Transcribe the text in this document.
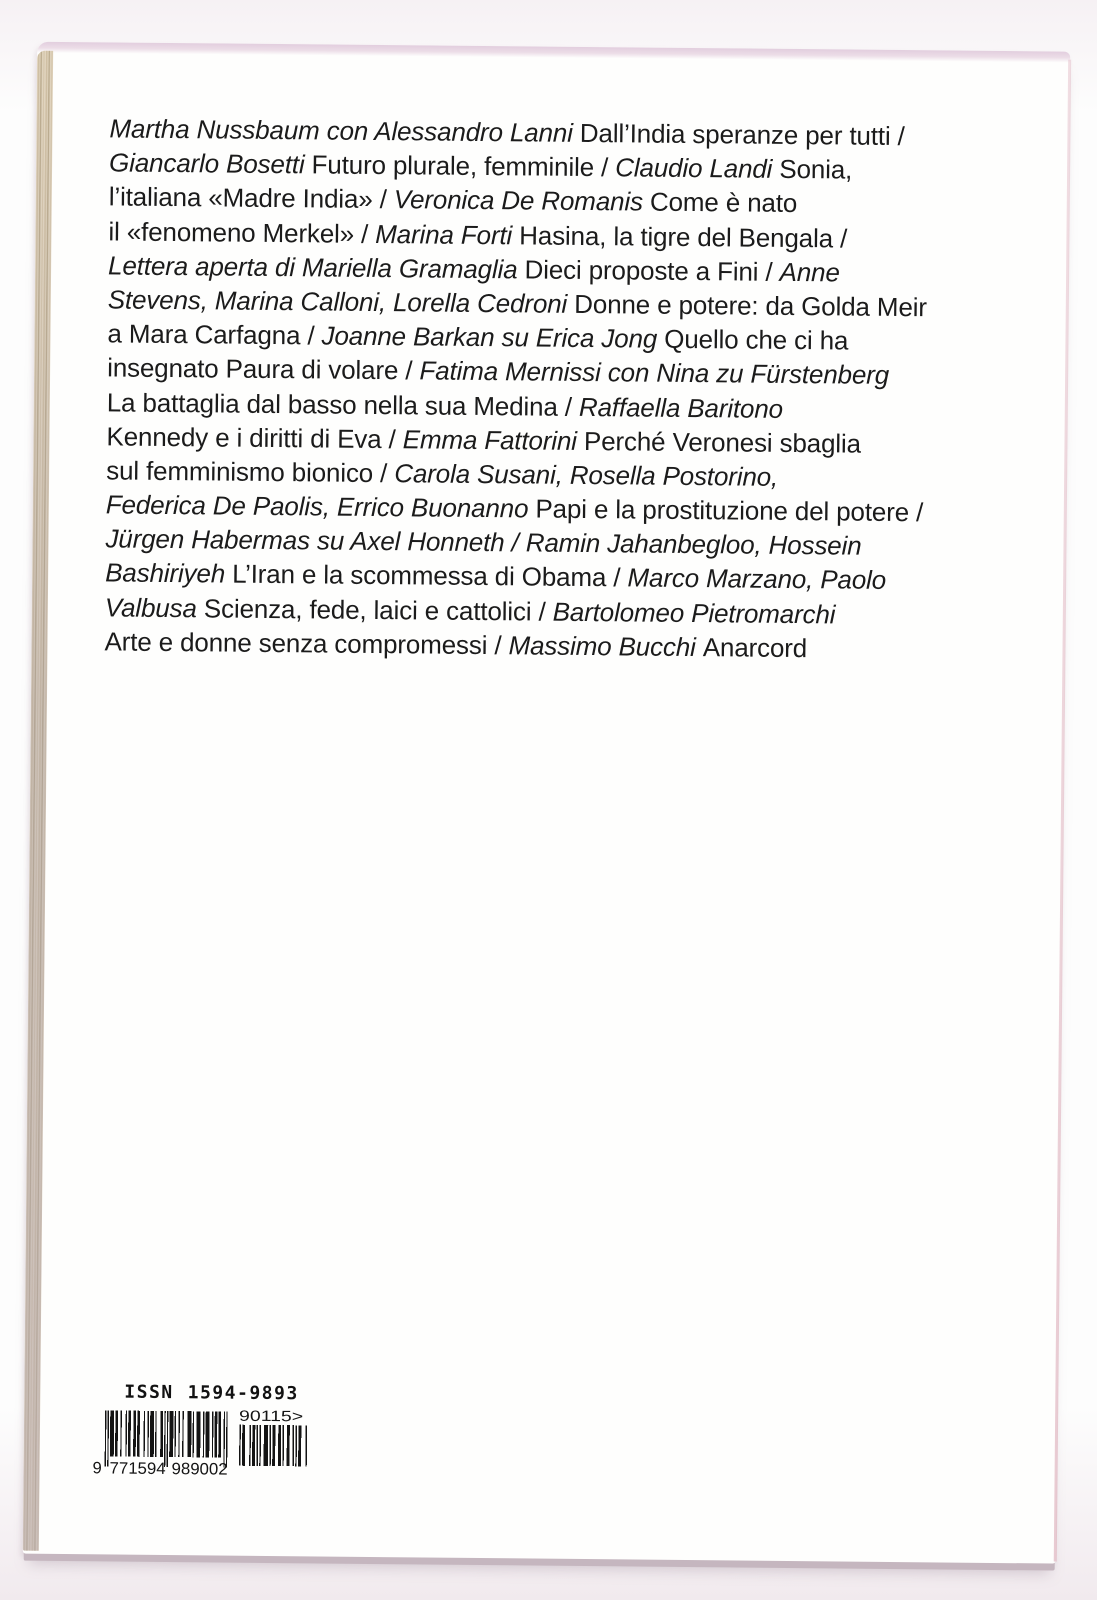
Martha Nussbaum con Alessandro Lanni Dall’India speranze per tutti /
Giancarlo Bosetti Futuro plurale, femminile / Claudio Landi Sonia,
l’italiana «Madre India» / Veronica De Romanis Come è nato
il «fenomeno Merkel» / Marina Forti Hasina, la tigre del Bengala /
Lettera aperta di Mariella Gramaglia Dieci proposte a Fini / Anne
Stevens, Marina Calloni, Lorella Cedroni Donne e potere: da Golda Meir
a Mara Carfagna / Joanne Barkan su Erica Jong Quello che ci ha
insegnato Paura di volare / Fatima Mernissi con Nina zu Fürstenberg
La battaglia dal basso nella sua Medina / Raffaella Baritono
Kennedy e i diritti di Eva / Emma Fattorini Perché Veronesi sbaglia
sul femminismo bionico / Carola Susani, Rosella Postorino,
Federica De Paolis, Errico Buonanno Papi e la prostituzione del potere /
Jürgen Habermas su Axel Honneth / Ramin Jahanbegloo, Hossein
Bashiriyeh L’Iran e la scommessa di Obama / Marco Marzano, Paolo
Valbusa Scienza, fede, laici e cattolici / Bartolomeo Pietromarchi
Arte e donne senza compromessi / Massimo Bucchi Anarcord
ISSN 1594-9893
9 771594 989002
90115>
